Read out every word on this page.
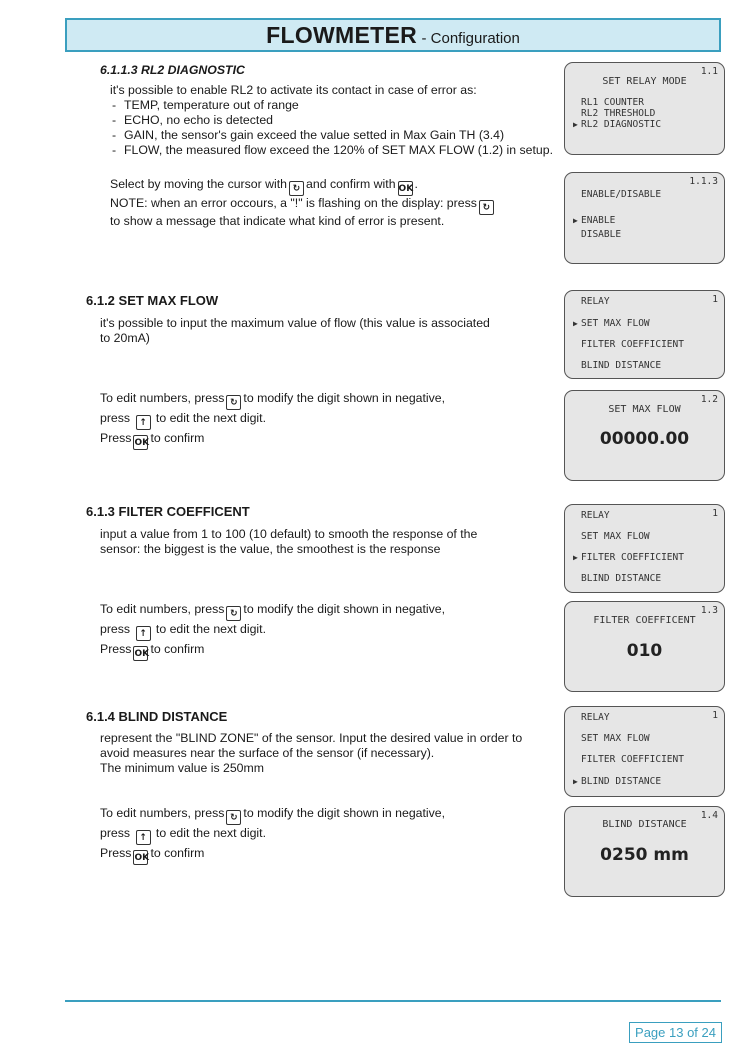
FLOWMETER - Configuration
6.1.1.3 RL2 DIAGNOSTIC
it's possible to enable RL2 to activate its contact in case of error as:
- TEMP, temperature out of range
- ECHO, no echo is detected
- GAIN, the sensor's gain exceed the value setted in Max Gain TH (3.4)
- FLOW, the measured flow exceed the 120% of SET MAX FLOW (1.2) in setup.
Select by moving the cursor with ↻ and confirm with OK.
NOTE: when an error occours, a "!" is flashing on the display: press ↻
to show a message that indicate what kind of error is present.
1.1
SET RELAY MODE
RL1 COUNTER
RL2 THRESHOLD
▶ RL2 DIAGNOSTIC
1.1.3
ENABLE/DISABLE
▶ ENABLE
DISABLE
6.1.2 SET MAX FLOW
it's possible to input the maximum value of flow (this value is associated
to 20mA)
To edit numbers, press ↻ to modify the digit shown in negative,
press ↑ to edit the next digit.
Press OKto confirm
1
RELAY
▶ SET MAX FLOW
FILTER COEFFICIENT
BLIND DISTANCE
1.2
SET MAX FLOW
00000.00
6.1.3 FILTER COEFFICENT
input a value from 1 to 100 (10 default) to smooth the response of the
sensor: the biggest is the value, the smoothest is the response
To edit numbers, press ↻ to modify the digit shown in negative,
press ↑ to edit the next digit.
Press OKto confirm
1
RELAY
SET MAX FLOW
▶ FILTER COEFFICIENT
BLIND DISTANCE
1.3
FILTER COEFFICENT
010
6.1.4 BLIND DISTANCE
represent the "BLIND ZONE" of the sensor. Input the desired value in order to
avoid measures near the surface of the sensor (if necessary).
The minimum value is 250mm
To edit numbers, press ↻ to modify the digit shown in negative,
press ↑ to edit the next digit.
Press OKto confirm
1
RELAY
SET MAX FLOW
FILTER COEFFICIENT
▶ BLIND DISTANCE
1.4
BLIND DISTANCE
0250 mm
Page 13 of 24
